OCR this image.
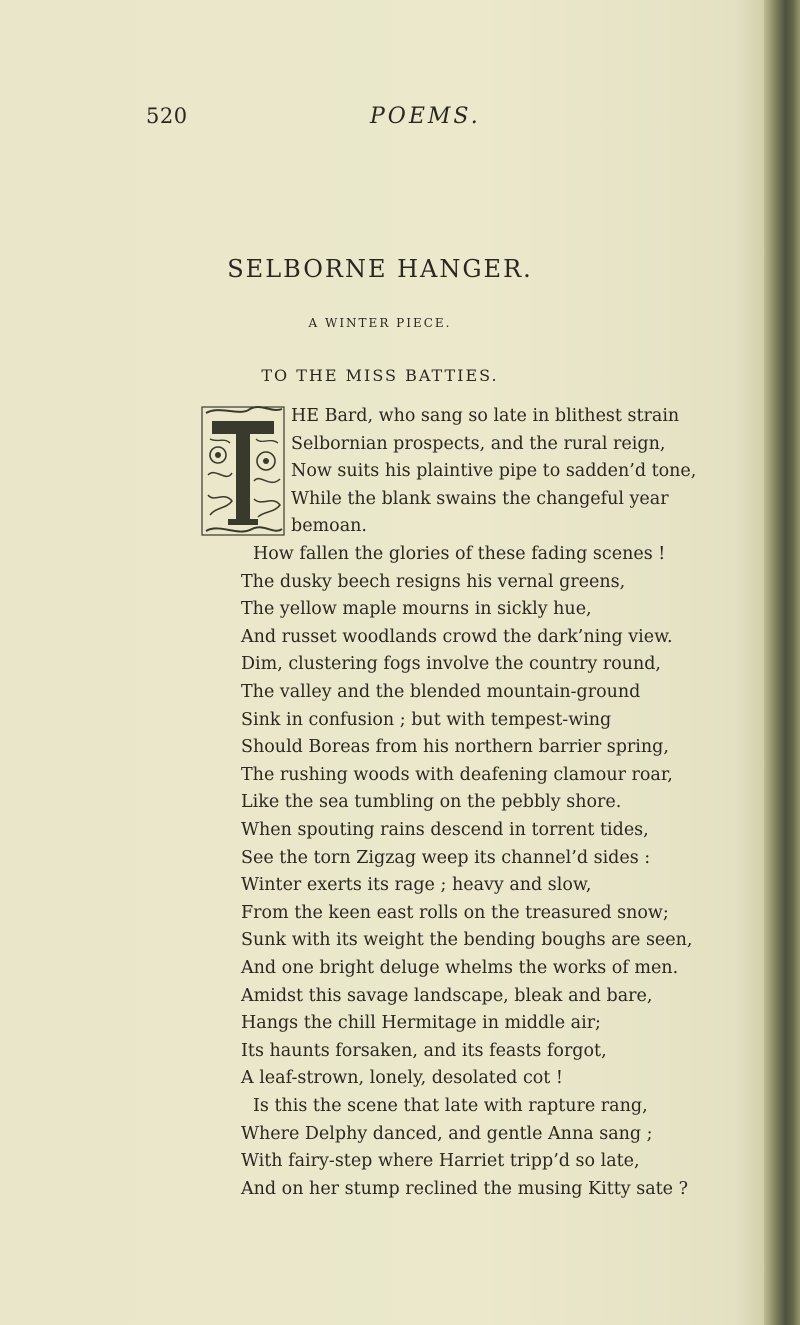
520	POEMS.
SELBORNE HANGER.
A WINTER PIECE.
TO THE MISS BATTIES.
HE Bard, who sang so late in blithest strain
Selbornian prospects, and the rural reign,
Now suits his plaintive pipe to sadden’d tone,
While the blank swains the changeful year
bemoan.
How fallen the glories of these fading scenes !
The dusky beech resigns his vernal greens,
The yellow maple mourns in sickly hue,
And russet woodlands crowd the dark’ning view.
Dim, clustering fogs involve the country round,
The valley and the blended mountain-ground
Sink in confusion ; but with tempest-wing
Should Boreas from his northern barrier spring,
The rushing woods with deafening clamour roar,
Like the sea tumbling on the pebbly shore.
When spouting rains descend in torrent tides,
See the torn Zigzag weep its channel’d sides :
Winter exerts its rage ; heavy and slow,
From the keen east rolls on the treasured snow;
Sunk with its weight the bending boughs are seen,
And one bright deluge whelms the works of men.
Amidst this savage landscape, bleak and bare,
Hangs the chill Hermitage in middle air;
Its haunts forsaken, and its feasts forgot,
A leaf-strown, lonely, desolated cot !
Is this the scene that late with rapture rang,
Where Delphy danced, and gentle Anna sang ;
With fairy-step where Harriet tripp’d so late,
And on her stump reclined the musing Kitty sate ?
